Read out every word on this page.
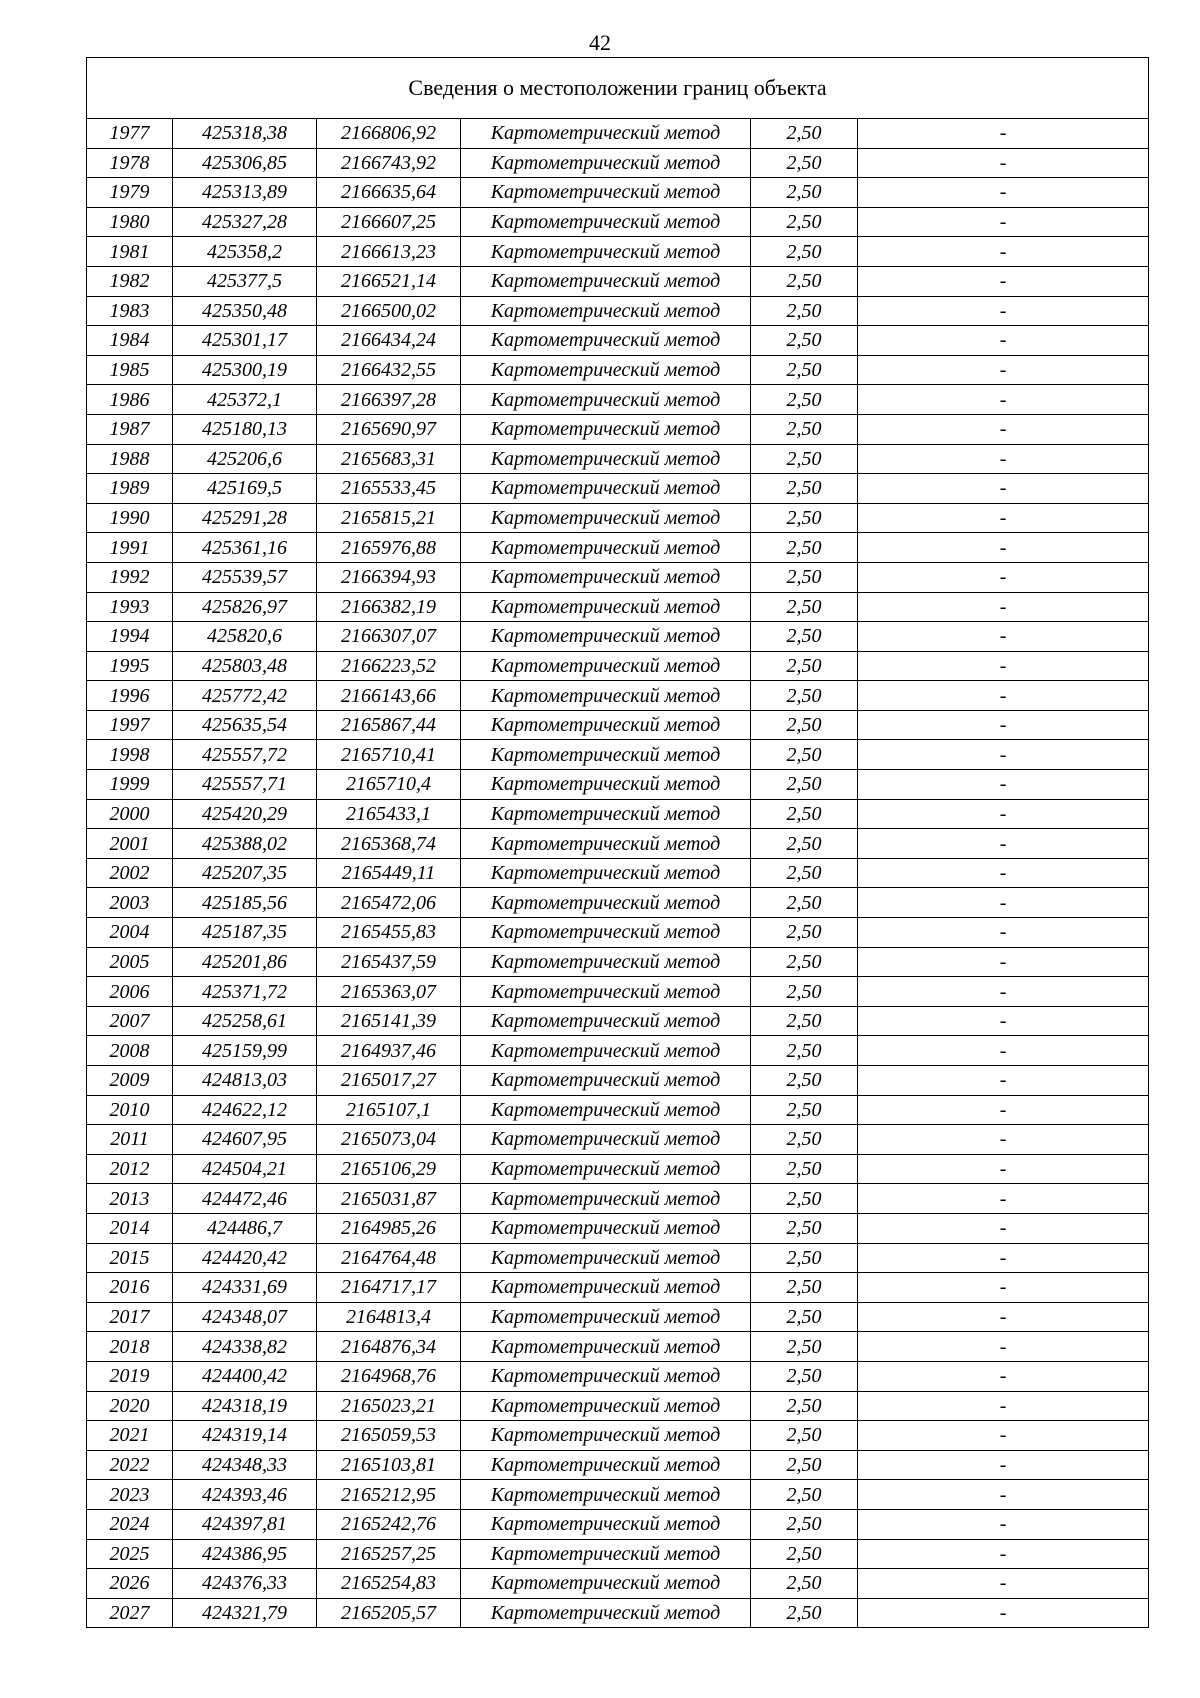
42
Сведения о местоположении границ объекта					
1977	425318,38	2166806,92	Картометрический метод	2,50	-
1978	425306,85	2166743,92	Картометрический метод	2,50	-
1979	425313,89	2166635,64	Картометрический метод	2,50	-
1980	425327,28	2166607,25	Картометрический метод	2,50	-
1981	425358,2	2166613,23	Картометрический метод	2,50	-
1982	425377,5	2166521,14	Картометрический метод	2,50	-
1983	425350,48	2166500,02	Картометрический метод	2,50	-
1984	425301,17	2166434,24	Картометрический метод	2,50	-
1985	425300,19	2166432,55	Картометрический метод	2,50	-
1986	425372,1	2166397,28	Картометрический метод	2,50	-
1987	425180,13	2165690,97	Картометрический метод	2,50	-
1988	425206,6	2165683,31	Картометрический метод	2,50	-
1989	425169,5	2165533,45	Картометрический метод	2,50	-
1990	425291,28	2165815,21	Картометрический метод	2,50	-
1991	425361,16	2165976,88	Картометрический метод	2,50	-
1992	425539,57	2166394,93	Картометрический метод	2,50	-
1993	425826,97	2166382,19	Картометрический метод	2,50	-
1994	425820,6	2166307,07	Картометрический метод	2,50	-
1995	425803,48	2166223,52	Картометрический метод	2,50	-
1996	425772,42	2166143,66	Картометрический метод	2,50	-
1997	425635,54	2165867,44	Картометрический метод	2,50	-
1998	425557,72	2165710,41	Картометрический метод	2,50	-
1999	425557,71	2165710,4	Картометрический метод	2,50	-
2000	425420,29	2165433,1	Картометрический метод	2,50	-
2001	425388,02	2165368,74	Картометрический метод	2,50	-
2002	425207,35	2165449,11	Картометрический метод	2,50	-
2003	425185,56	2165472,06	Картометрический метод	2,50	-
2004	425187,35	2165455,83	Картометрический метод	2,50	-
2005	425201,86	2165437,59	Картометрический метод	2,50	-
2006	425371,72	2165363,07	Картометрический метод	2,50	-
2007	425258,61	2165141,39	Картометрический метод	2,50	-
2008	425159,99	2164937,46	Картометрический метод	2,50	-
2009	424813,03	2165017,27	Картометрический метод	2,50	-
2010	424622,12	2165107,1	Картометрический метод	2,50	-
2011	424607,95	2165073,04	Картометрический метод	2,50	-
2012	424504,21	2165106,29	Картометрический метод	2,50	-
2013	424472,46	2165031,87	Картометрический метод	2,50	-
2014	424486,7	2164985,26	Картометрический метод	2,50	-
2015	424420,42	2164764,48	Картометрический метод	2,50	-
2016	424331,69	2164717,17	Картометрический метод	2,50	-
2017	424348,07	2164813,4	Картометрический метод	2,50	-
2018	424338,82	2164876,34	Картометрический метод	2,50	-
2019	424400,42	2164968,76	Картометрический метод	2,50	-
2020	424318,19	2165023,21	Картометрический метод	2,50	-
2021	424319,14	2165059,53	Картометрический метод	2,50	-
2022	424348,33	2165103,81	Картометрический метод	2,50	-
2023	424393,46	2165212,95	Картометрический метод	2,50	-
2024	424397,81	2165242,76	Картометрический метод	2,50	-
2025	424386,95	2165257,25	Картометрический метод	2,50	-
2026	424376,33	2165254,83	Картометрический метод	2,50	-
2027	424321,79	2165205,57	Картометрический метод	2,50	-
